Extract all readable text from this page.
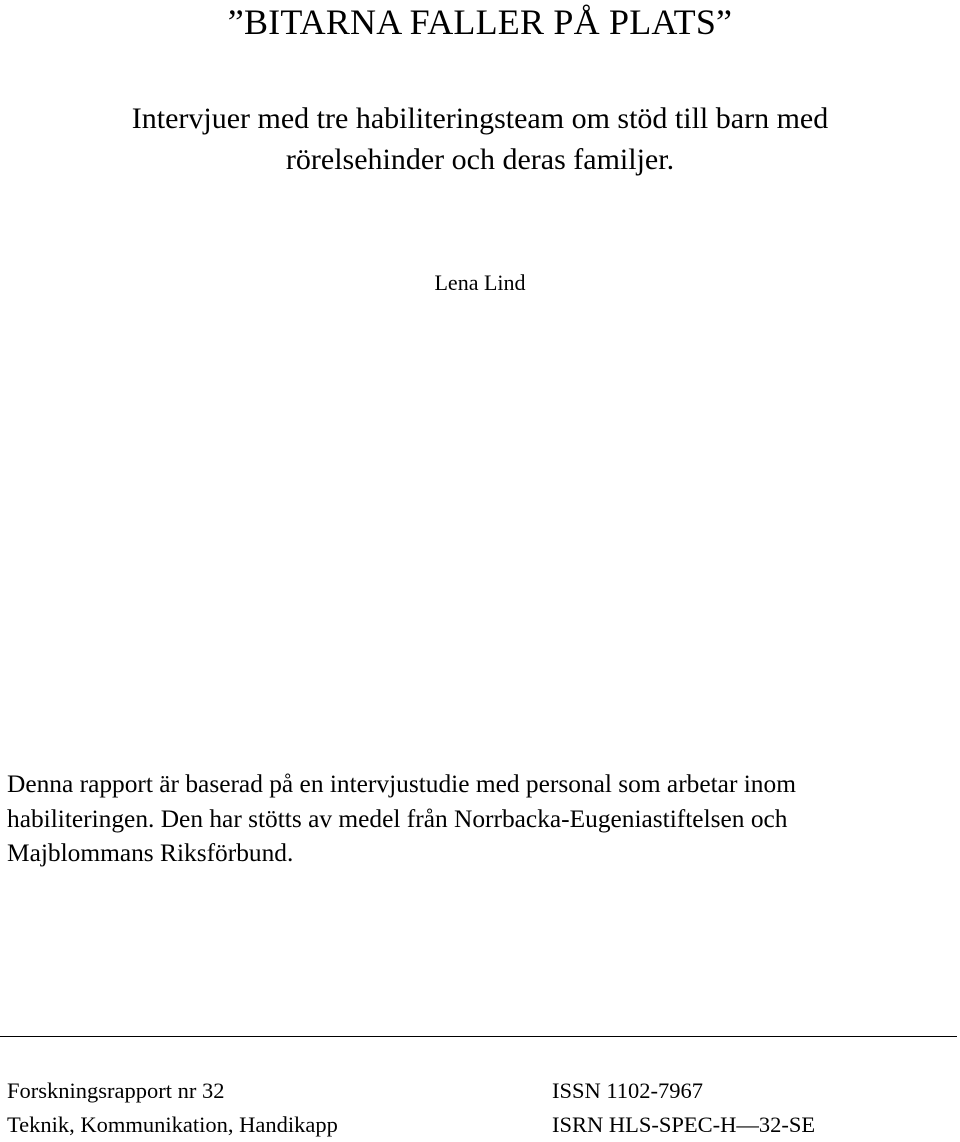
”BITARNA FALLER PÅ PLATS”
Intervjuer med tre habiliteringsteam om stöd till barn med
rörelsehinder och deras familjer.
Lena Lind
Denna rapport är baserad på en intervjustudie med personal som arbetar inom
habiliteringen. Den har stötts av medel från Norrbacka-Eugeniastiftelsen och
Majblommans Riksförbund.
Forskningsrapport nr 32
Teknik, Kommunikation, Handikapp
ISSN 1102-7967
ISRN HLS-SPEC-H—32-SE
